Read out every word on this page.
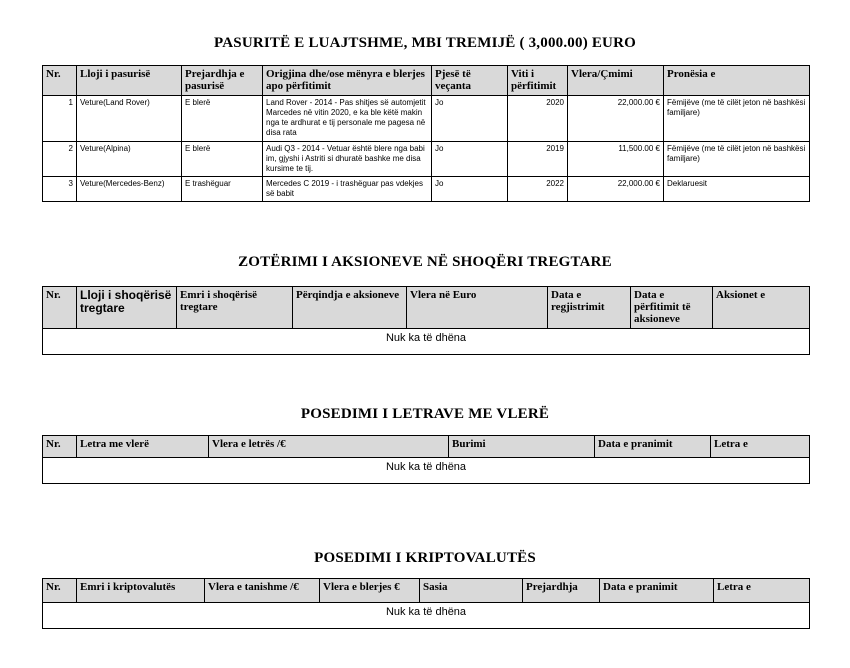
PASURITË E LUAJTSHME, MBI TREMIJË ( 3,000.00) EURO
Nr.	Lloji i pasurisë	Prejardhja e pasurisë	Origjina dhe/ose mënyra e blerjes apo përfitimit	Pjesë të veçanta	Viti i përfitimit	Vlera/Çmimi	Pronësia e
1	Veture(Land Rover)	E blerë	Land Rover - 2014 - Pas shitjes së automjetit Marcedes në vitin 2020, e ka ble këtë makin nga te ardhurat e tij personale me pagesa në disa rata	Jo	2020	22,000.00 €	Fëmijëve (me të cilët jeton në bashkësi familjare)
2	Veture(Alpina)	E blerë	Audi Q3 - 2014 - Vetuar është blere nga babi im, gjyshi i Astriti si dhuratë bashke me disa kursime te tij.	Jo	2019	11,500.00 €	Fëmijëve (me të cilët jeton në bashkësi familjare)
3	Veture(Mercedes-Benz)	E trashëguar	Mercedes C 2019 - i trashëguar pas vdekjes së babit	Jo	2022	22,000.00 €	Deklaruesit
ZOTËRIMI I AKSIONEVE NË SHOQËRI TREGTARE
Nr.	Lloji i shoqërisë tregtare	Emri i shoqërisë tregtare	Përqindja e aksioneve	Vlera në Euro	Data e regjistrimit	Data e përfitimit të aksioneve	Aksionet e
Nuk ka të dhëna
POSEDIMI I LETRAVE ME VLERË
Nr.	Letra me vlerë	Vlera e letrës /€	Burimi	Data e pranimit	Letra e
Nuk ka të dhëna
POSEDIMI I KRIPTOVALUTËS
Nr.	Emri i kriptovalutës	Vlera e tanishme /€	Vlera e blerjes €	Sasia	Prejardhja	Data e pranimit	Letra e
Nuk ka të dhëna
